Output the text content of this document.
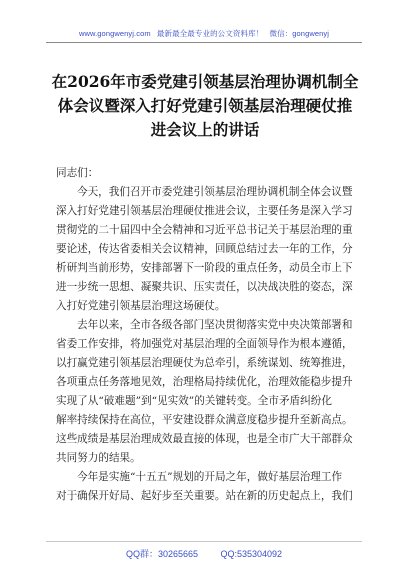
www.gongwenyj.com 最新最全最专业的公文资料库！ 微信：gongwenyj
在2026年市委党建引领基层治理协调机制全
体会议暨深入打好党建引领基层治理硬仗推
进会议上的讲话
同志们：
今天，我们召开市委党建引领基层治理协调机制全体会议暨
深入打好党建引领基层治理硬仗推进会议，主要任务是深入学习
贯彻党的二十届四中全会精神和习近平总书记关于基层治理的重
要论述，传达省委相关会议精神，回顾总结过去一年的工作，分
析研判当前形势，安排部署下一阶段的重点任务，动员全市上下
进一步统一思想、凝聚共识、压实责任，以决战决胜的姿态，深
入打好党建引领基层治理这场硬仗。
去年以来，全市各级各部门坚决贯彻落实党中央决策部署和
省委工作安排，将加强党对基层治理的全面领导作为根本遵循，
以打赢党建引领基层治理硬仗为总牵引，系统谋划、统筹推进，
各项重点任务落地见效，治理格局持续优化，治理效能稳步提升
实现了从“破难题”到“见实效”的关键转变。全市矛盾纠纷化
解率持续保持在高位，平安建设群众满意度稳步提升至新高点。
这些成绩是基层治理成效最直接的体现，也是全市广大干部群众
共同努力的结果。
今年是实施“十五五”规划的开局之年，做好基层治理工作
对于确保开好局、起好步至关重要。站在新的历史起点上，我们
QQ群：30265665	QQ:535304092
